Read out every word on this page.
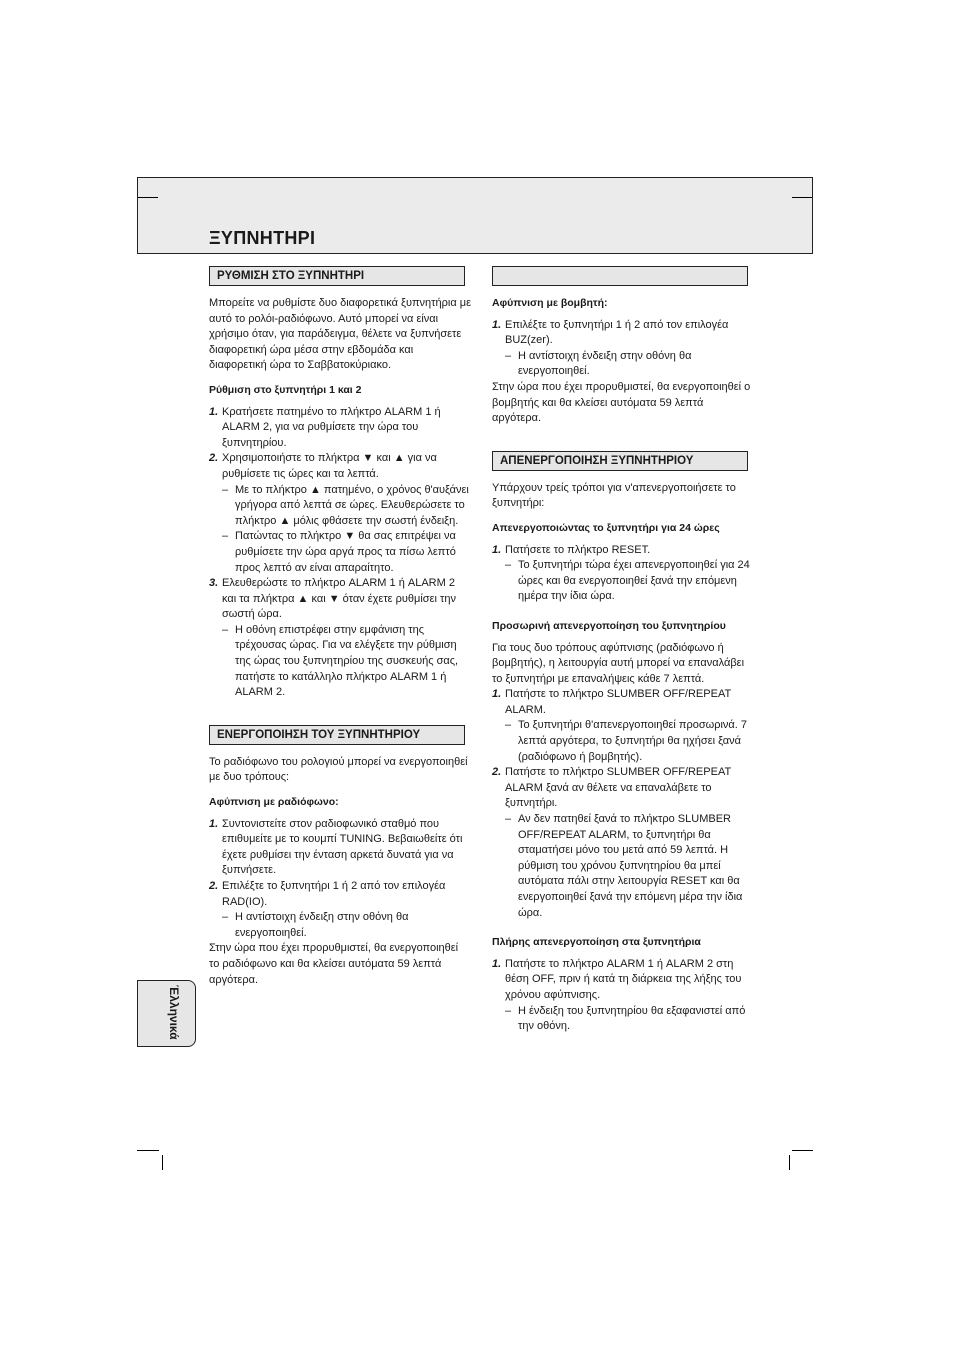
ΞΥΠΝΗΤΗΡΙ
ΡΥΘΜΙΣΗ ΣΤΟ ΞΥΠΝΗΤΗΡΙ

Μπορείτε να ρυθμίστε δυο διαφορετικά ξυπνητήρια με αυτό το ρολόι-ραδιόφωνο. Αυτό μπορεί να είναι χρήσιμο όταν, για παράδειγμα, θέλετε να ξυπνήσετε διαφορετική ώρα μέσα στην εβδομάδα και διαφορετική ώρα το Σαββατοκύριακο.

Ρύθμιση στο ξυπνητήρι 1 και 2

1. Κρατήσετε πατημένο το πλήκτρο ALARM 1 ή ALARM 2, για να ρυθμίσετε την ώρα του ξυπνητηρίου.
2. Χρησιμοποιήστε το πλήκτρα ▼ και ▲ για να ρυθμίσετε τις ώρες και τα λεπτά.
– Με το πλήκτρο ▲ πατημένο, ο χρόνος θ'αυξάνει γρήγορα από λεπτά σε ώρες. Ελευθερώσετε το πλήκτρο ▲ μόλις φθάσετε την σωστή ένδειξη.
– Πατώντας το πλήκτρο ▼ θα σας επιτρέψει να ρυθμίσετε την ώρα αργά προς τα πίσω λεπτό προς λεπτό αν είναι απαραίτητο.
3. Ελευθερώστε το πλήκτρο ALARM 1 ή ALARM 2 και τα πλήκτρα ▲ και ▼ όταν έχετε ρυθμίσει την σωστή ώρα.
– Η οθόνη επιστρέφει στην εμφάνιση της τρέχουσας ώρας. Για να ελέγξετε την ρύθμιση της ώρας του ξυπνητηρίου της συσκευής σας, πατήστε το κατάλληλο πλήκτρο ALARM 1 ή ALARM 2.
ΕΝΕΡΓΟΠΟΙΗΣΗ ΤΟΥ ΞΥΠΝΗΤΗΡΙΟΥ

Το ραδιόφωνο του ρολογιού μπορεί να ενεργοποιηθεί με δυο τρόπους:

Αφύπνιση με ραδιόφωνο:

1. Συντονιστείτε στον ραδιοφωνικό σταθμό που επιθυμείτε με το κουμπί TUNING. Βεβαιωθείτε ότι έχετε ρυθμίσει την ένταση αρκετά δυνατά για να ξυπνήσετε.
2. Επιλέξτε το ξυπνητήρι 1 ή 2 από τον επιλογέα RAD(IO).
– Η αντίστοιχη ένδειξη στην οθόνη θα ενεργοποιηθεί.

Στην ώρα που έχει προρυθμιστεί, θα ενεργοποιηθεί το ραδιόφωνο και θα κλείσει αυτόματα 59 λεπτά αργότερα.

Αφύπνιση με βομβητή:

1. Επιλέξτε το ξυπνητήρι 1 ή 2 από τον επιλογέα BUZ(zer).
– Η αντίστοιχη ένδειξη στην οθόνη θα ενεργοποιηθεί.

Στην ώρα που έχει προρυθμιστεί, θα ενεργοποιηθεί ο βομβητής και θα κλείσει αυτόματα 59 λεπτά αργότερα.

ΑΠΕΝΕΡΓΟΠΟΙΗΣΗ ΞΥΠΝΗΤΗΡΙΟΥ

Υπάρχουν τρείς τρόποι για ν'απενεργοποιήσετε το ξυπνητήρι:

Απενεργοποιώντας το ξυπνητήρι για 24 ώρες

1. Πατήσετε το πλήκτρο RESET.
– Το ξυπνητήρι τώρα έχει απενεργοποιηθεί για 24 ώρες και θα ενεργοποιηθεί ξανά την επόμενη ημέρα την ίδια ώρα.

Προσωρινή απενεργοποίηση του ξυπνητηρίου

Για τους δυο τρόπους αφύπνισης (ραδιόφωνο ή βομβητής), η λειτουργία αυτή μπορεί να επαναλάβει το ξυπνητήρι με επαναλήψεις κάθε 7 λεπτά.

1. Πατήστε το πλήκτρο SLUMBER OFF/REPEAT ALARM.
– Το ξυπνητήρι θ'απενεργοποιηθεί προσωρινά. 7 λεπτά αργότερα, το ξυπνητήρι θα ηχήσει ξανά (ραδιόφωνο ή βομβητής).
2. Πατήστε το πλήκτρο SLUMBER OFF/REPEAT ALARM ξανά αν θέλετε να επαναλάβετε το ξυπνητήρι.
– Αν δεν πατηθεί ξανά το πλήκτρο SLUMBER OFF/REPEAT ALARM, το ξυπνητήρι θα σταματήσει μόνο του μετά από 59 λεπτά. Η ρύθμιση του χρόνου ξυπνητηρίου θα μπεί αυτόματα πάλι στην λειτουργία RESET και θα ενεργοποιηθεί ξανά την επόμενη μέρα την ίδια ώρα.

Πλήρης απενεργοποίηση στα ξυπνητήρια

1. Πατήστε το πλήκτρο ALARM 1 ή ALARM 2 στη θέση OFF, πριν ή κατά τη διάρκεια της λήξης του χρόνου αφύπνισης.
– Η ένδειξη του ξυπνητηρίου θα εξαφανιστεί από την οθόνη.
Έλληνικά
